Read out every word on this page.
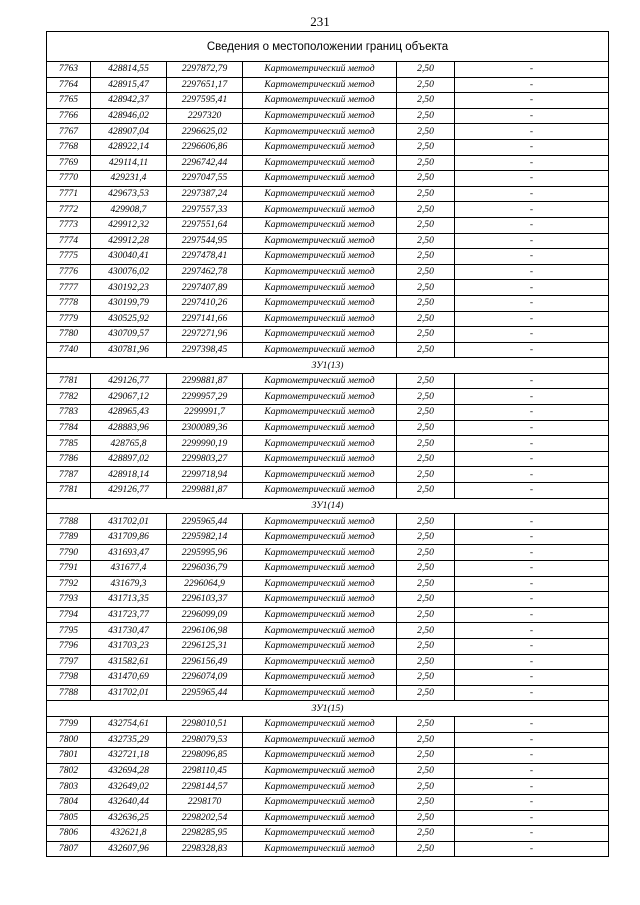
231
Сведения о местоположении границ объекта					
7763	428814,55	2297872,79	Картометрический метод	2,50	-
7764	428915,47	2297651,17	Картометрический метод	2,50	-
7765	428942,37	2297595,41	Картометрический метод	2,50	-
7766	428946,02	2297320	Картометрический метод	2,50	-
7767	428907,04	2296625,02	Картометрический метод	2,50	-
7768	428922,14	2296606,86	Картометрический метод	2,50	-
7769	429114,11	2296742,44	Картометрический метод	2,50	-
7770	429231,4	2297047,55	Картометрический метод	2,50	-
7771	429673,53	2297387,24	Картометрический метод	2,50	-
7772	429908,7	2297557,33	Картометрический метод	2,50	-
7773	429912,32	2297551,64	Картометрический метод	2,50	-
7774	429912,28	2297544,95	Картометрический метод	2,50	-
7775	430040,41	2297478,41	Картометрический метод	2,50	-
7776	430076,02	2297462,78	Картометрический метод	2,50	-
7777	430192,23	2297407,89	Картометрический метод	2,50	-
7778	430199,79	2297410,26	Картометрический метод	2,50	-
7779	430525,92	2297141,66	Картометрический метод	2,50	-
7780	430709,57	2297271,96	Картометрический метод	2,50	-
7740	430781,96	2297398,45	Картометрический метод	2,50	-
ЗУ1(13)					
7781	429126,77	2299881,87	Картометрический метод	2,50	-
7782	429067,12	2299957,29	Картометрический метод	2,50	-
7783	428965,43	2299991,7	Картометрический метод	2,50	-
7784	428883,96	2300089,36	Картометрический метод	2,50	-
7785	428765,8	2299990,19	Картометрический метод	2,50	-
7786	428897,02	2299803,27	Картометрический метод	2,50	-
7787	428918,14	2299718,94	Картометрический метод	2,50	-
7781	429126,77	2299881,87	Картометрический метод	2,50	-
ЗУ1(14)					
7788	431702,01	2295965,44	Картометрический метод	2,50	-
7789	431709,86	2295982,14	Картометрический метод	2,50	-
7790	431693,47	2295995,96	Картометрический метод	2,50	-
7791	431677,4	2296036,79	Картометрический метод	2,50	-
7792	431679,3	2296064,9	Картометрический метод	2,50	-
7793	431713,35	2296103,37	Картометрический метод	2,50	-
7794	431723,77	2296099,09	Картометрический метод	2,50	-
7795	431730,47	2296106,98	Картометрический метод	2,50	-
7796	431703,23	2296125,31	Картометрический метод	2,50	-
7797	431582,61	2296156,49	Картометрический метод	2,50	-
7798	431470,69	2296074,09	Картометрический метод	2,50	-
7788	431702,01	2295965,44	Картометрический метод	2,50	-
ЗУ1(15)					
7799	432754,61	2298010,51	Картометрический метод	2,50	-
7800	432735,29	2298079,53	Картометрический метод	2,50	-
7801	432721,18	2298096,85	Картометрический метод	2,50	-
7802	432694,28	2298110,45	Картометрический метод	2,50	-
7803	432649,02	2298144,57	Картометрический метод	2,50	-
7804	432640,44	2298170	Картометрический метод	2,50	-
7805	432636,25	2298202,54	Картометрический метод	2,50	-
7806	432621,8	2298285,95	Картометрический метод	2,50	-
7807	432607,96	2298328,83	Картометрический метод	2,50	-
